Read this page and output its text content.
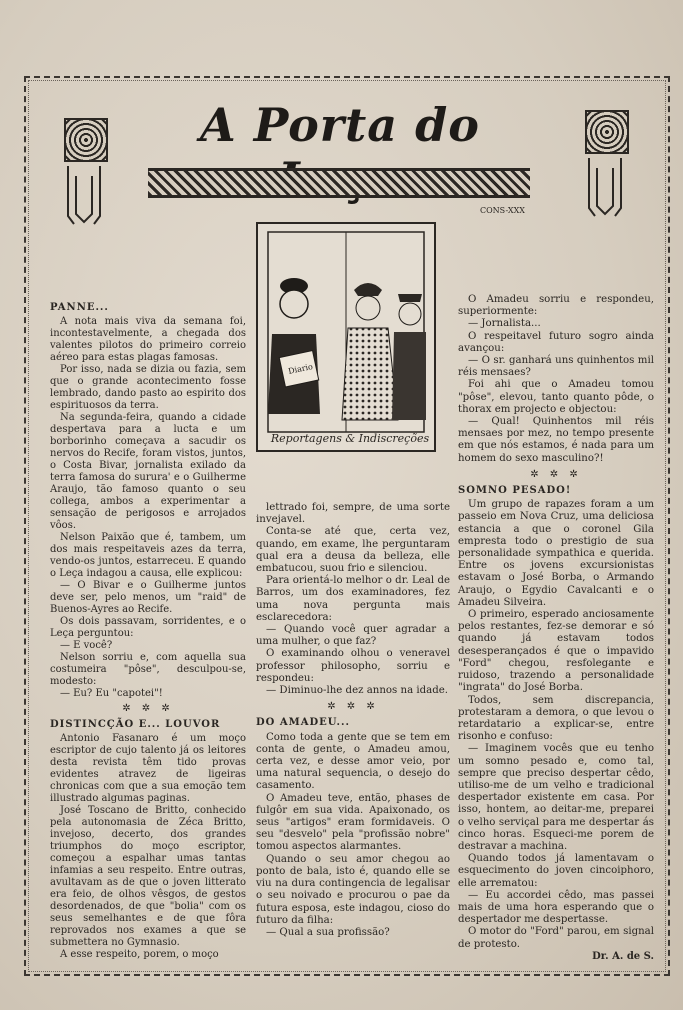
A Porta do
CONS-XXX
Diario
Reportagens & Indiscreções
PANNE...

A nota mais viva da semana foi, incontestavelmente, a chegada dos valentes pilotos do primeiro correio aéreo para estas plagas famosas.

Por isso, nada se dizia ou fazia, sem que o grande acontecimento fosse lembrado, dando pasto ao espirito dos espirituosos da terra.

Na segunda-feira, quando a cidade despertava para a lucta e um borborinho começava a sacudir os nervos do Recife, foram vistos, juntos, o Costa Bivar, jornalista exilado da terra famosa do surura' e o Guilherme Araujo, tão famoso quanto o seu collega, ambos a experimentar a sensação de perigosos e arrojados vôos.

Nelson Paixão que é, tambem, um dos mais respeitaveis azes da terra, vendo-os juntos, estarreceu. E quando o Leça indagou a causa, elle explicou:

— O Bivar e o Guilherme juntos deve ser, pelo menos, um "raid" de Buenos-Ayres ao Recife.

Os dois passavam, sorridentes, e o Leça perguntou:

— E você?

Nelson sorriu e, com aquella sua costumeira "pôse", desculpou-se, modesto:

— Eu? Eu "capotei"!

✲ ✲ ✲
DISTINCÇÃO E... LOUVOR

Antonio Fasanaro é um moço escriptor de cujo talento já os leitores desta revista têm tido provas evidentes atravez de ligeiras chronicas com que a sua emoção tem illustrado algumas paginas.

José Toscano de Britto, conhecido pela autonomasia de Zéca Britto, invejoso, decerto, dos grandes triumphos do moço escriptor, começou a espalhar umas tantas infamias a seu respeito. Entre outras, avultavam as de que o joven litterato era feio, de olhos vêsgos, de gestos desordenados, de que "bolia" com os seus semelhantes e de que fôra reprovados nos exames a que se submettera no Gymnasio.

A esse respeito, porem, o moço

lettrado foi, sempre, de uma sorte invejavel.

Conta-se até que, certa vez, quando, em exame, lhe perguntaram qual era a deusa da belleza, elle embatucou, suou frio e silenciou.

Para orientá-lo melhor o dr. Leal de Barros, um dos examinadores, fez uma nova pergunta mais esclarecedora:

— Quando você quer agradar a uma mulher, o que faz?

O examinando olhou o veneravel professor philosopho, sorriu e respondeu:

— Diminuo-lhe dez annos na idade.

✲ ✲ ✲
DO AMADEU...

Como toda a gente que se tem em conta de gente, o Amadeu amou, certa vez, e desse amor veio, por uma natural sequencia, o desejo do casamento.

O Amadeu teve, então, phases de fulgôr em sua vida. Apaixonado, os seus "artigos" eram formidaveis. O seu "desvelo" pela "profissão nobre" tomou aspectos alarmantes.

Quando o seu amor chegou ao ponto de bala, isto é, quando elle se viu na dura contingencia de legalisar o seu noivado e procurou o pae da futura esposa, este indagou, cioso do futuro da filha:

— Qual a sua profissão?

O Amadeu sorriu e respondeu, superiormente:

— Jornalista...

O respeitavel futuro sogro ainda avançou:

— O sr. ganhará uns quinhentos mil réis mensaes?

Foi ahi que o Amadeu tomou "pôse", elevou, tanto quanto pôde, o thorax em projecto e objectou:

— Qual! Quinhentos mil réis mensaes por mez, no tempo presente em que nós estamos, é nada para um homem do sexo masculino?!

✲ ✲ ✲
SOMNO PESADO!

Um grupo de rapazes foram a um passeio em Nova Cruz, uma deliciosa estancia a que o coronel Gila empresta todo o prestigio de sua personalidade sympathica e querida. Entre os jovens excursionistas estavam o José Borba, o Armando Araujo, o Egydio Cavalcanti e o Amadeu Silveira.

O primeiro, esperado anciosamente pelos restantes, fez-se demorar e só quando já estavam todos desesperançados é que o impavido "Ford" chegou, resfolegante e ruidoso, trazendo a personalidade "ingrata" do José Borba.

Todos, sem discrepancia, protestaram a demora, o que levou o retardatario a explicar-se, entre risonho e confuso:

— Imaginem vocês que eu tenho um somno pesado e, como tal, sempre que preciso despertar cêdo, utiliso-me de um velho e tradicional despertador existente em casa. Por isso, hontem, ao deitar-me, preparei o velho serviçal para me despertar ás cinco horas. Esqueci-me porem de destravar a machina.

Quando todos já lamentavam o esquecimento do joven cincoiphoro, elle arrematou:

— Eu accordei cêdo, mas passei mais de uma hora esperando que o despertador me despertasse.

O motor do "Ford" parou, em signal de protesto.

Dr. A. de S.
